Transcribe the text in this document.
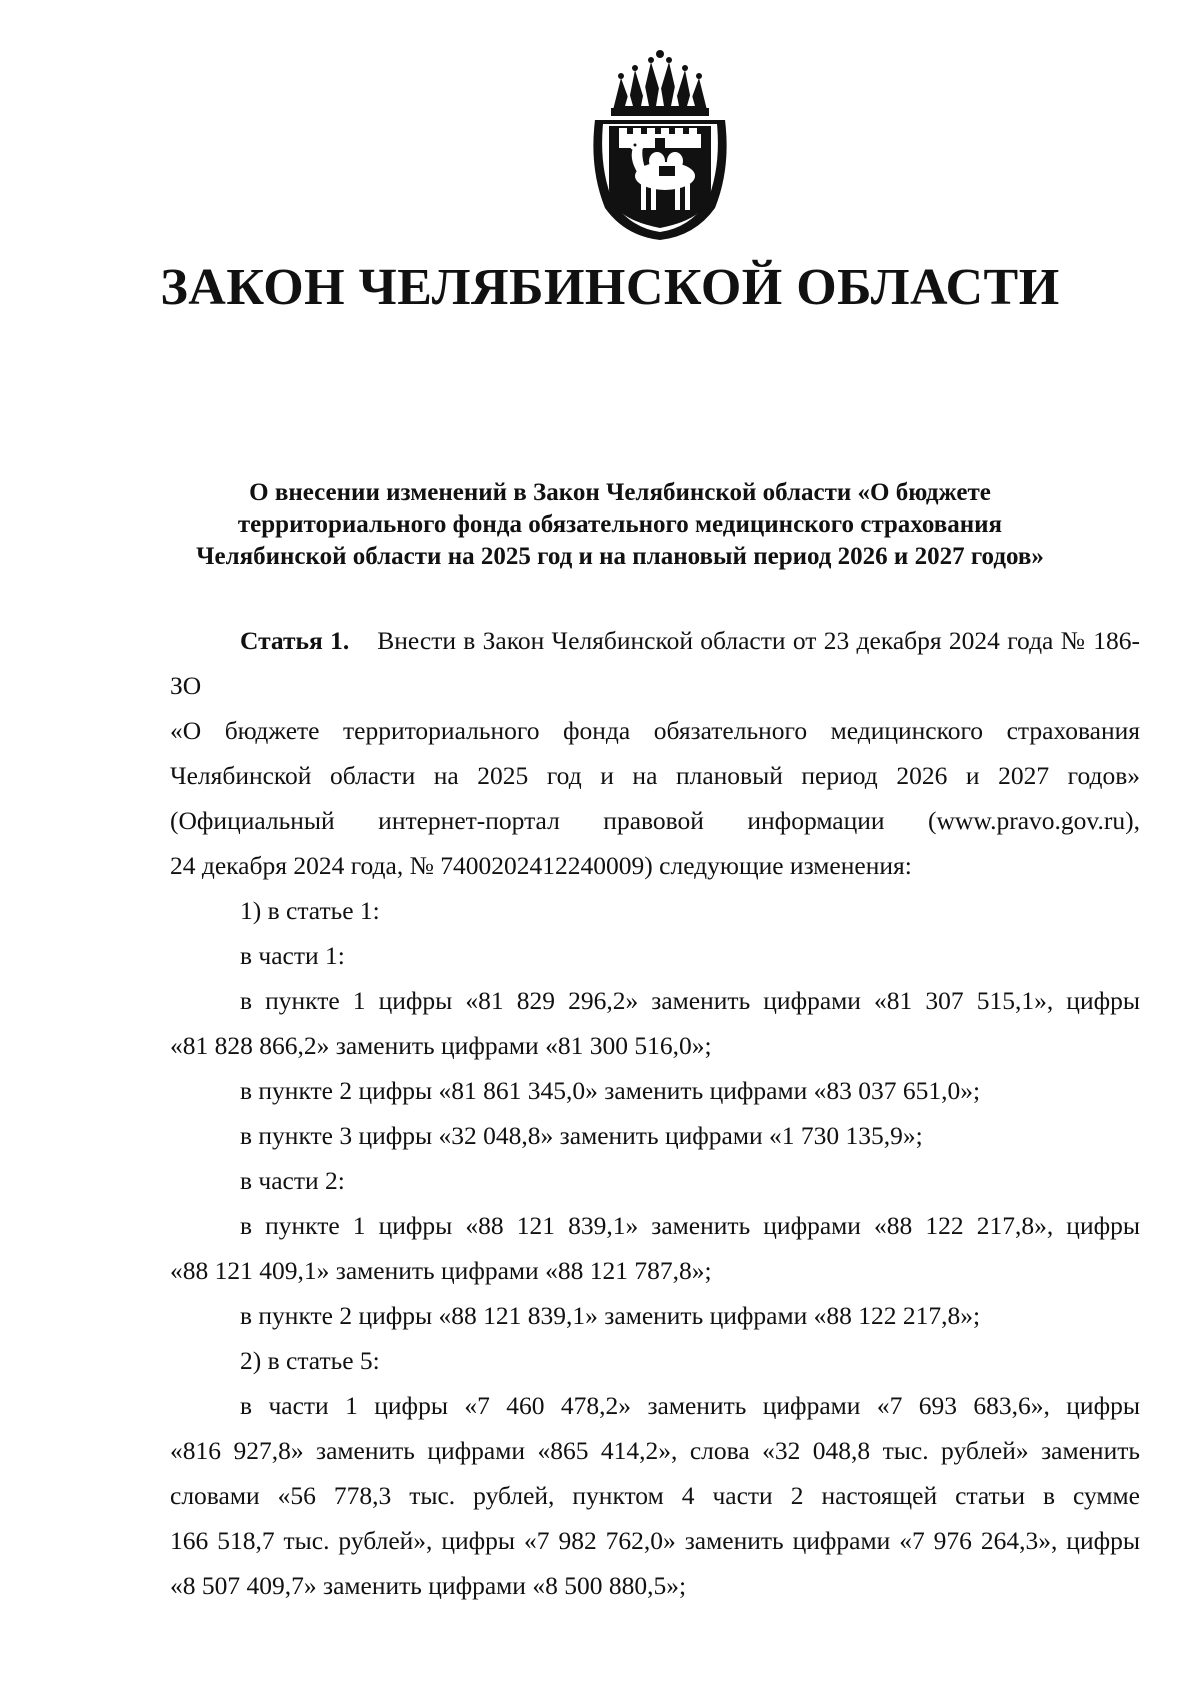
ЗАКОН ЧЕЛЯБИНСКОЙ ОБЛАСТИ
О внесении изменений в Закон Челябинской области «О бюджете
территориального фонда обязательного медицинского страхования
Челябинской области на 2025 год и на плановый период 2026 и 2027 годов»

Статья 1. Внести в Закон Челябинской области от 23 декабря 2024 года № 186-ЗО

«О бюджете территориального фонда обязательного медицинского страхования

Челябинской области на 2025 год и на плановый период 2026 и 2027 годов»

(Официальный интернет-портал правовой информации (www.pravo.gov.ru),

24 декабря 2024 года, № 7400202412240009) следующие изменения:

1) в статье 1:

в части 1:

в пункте 1 цифры «81 829 296,2» заменить цифрами «81 307 515,1», цифры

«81 828 866,2» заменить цифрами «81 300 516,0»;

в пункте 2 цифры «81 861 345,0» заменить цифрами «83 037 651,0»;

в пункте 3 цифры «32 048,8» заменить цифрами «1 730 135,9»;

в части 2:

в пункте 1 цифры «88 121 839,1» заменить цифрами «88 122 217,8», цифры

«88 121 409,1» заменить цифрами «88 121 787,8»;

в пункте 2 цифры «88 121 839,1» заменить цифрами «88 122 217,8»;

2) в статье 5:

в части 1 цифры «7 460 478,2» заменить цифрами «7 693 683,6», цифры

«816 927,8» заменить цифрами «865 414,2», слова «32 048,8 тыс. рублей» заменить

словами «56 778,3 тыс. рублей, пунктом 4 части 2 настоящей статьи в сумме

166 518,7 тыс. рублей», цифры «7 982 762,0» заменить цифрами «7 976 264,3», цифры

«8 507 409,7» заменить цифрами «8 500 880,5»;
